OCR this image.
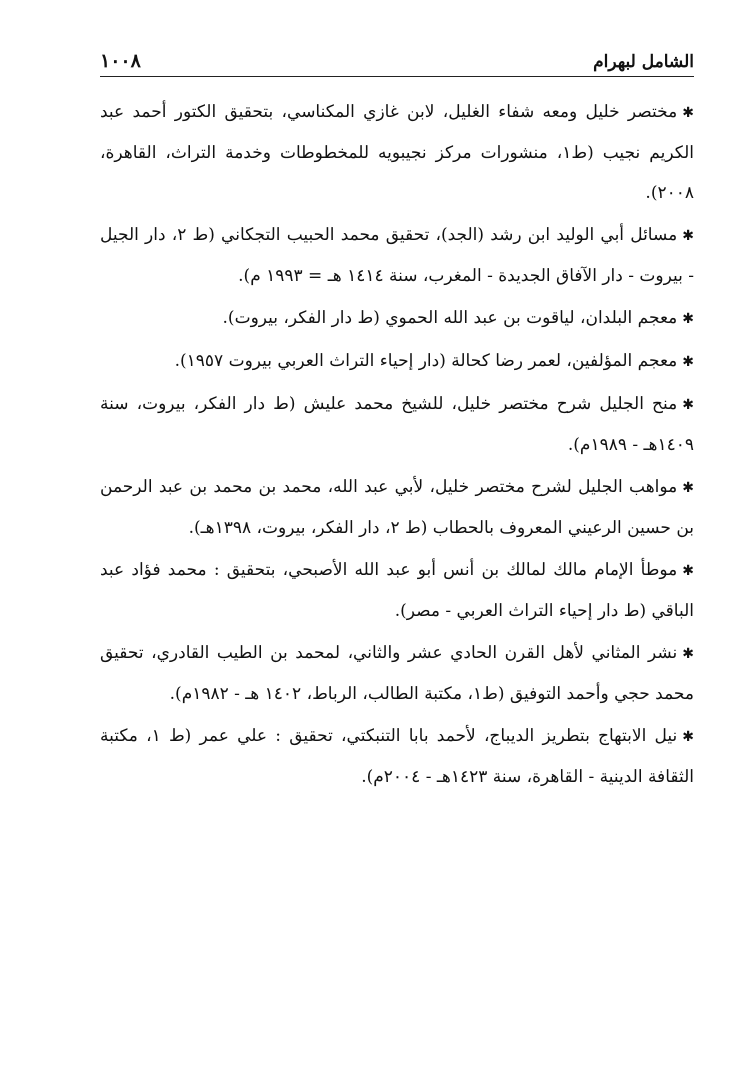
الشامل لبهرام
١٠٠٨
✱مختصر خليل ومعه شفاء الغليل، لابن غازي المكناسي، بتحقيق الكتور أحمد عبد الكريم نجيب (ط١، منشورات مركز نجيبويه للمخطوطات وخدمة التراث، القاهرة، ٢٠٠٨).
✱مسائل أبي الوليد ابن رشد (الجد)، تحقيق محمد الحبيب التجكاني (ط ٢، دار الجيل - بيروت - دار الآفاق الجديدة - المغرب، سنة ١٤١٤ هـ = ١٩٩٣ م).
✱معجم البلدان، لياقوت بن عبد الله الحموي (ط دار الفكر، بيروت).
✱معجم المؤلفين، لعمر رضا كحالة (دار إحياء التراث العربي بيروت ١٩٥٧).
✱منح الجليل شرح مختصر خليل، للشيخ محمد عليش (ط دار الفكر، بيروت، سنة ١٤٠٩هـ - ١٩٨٩م).
✱مواهب الجليل لشرح مختصر خليل، لأبي عبد الله، محمد بن محمد بن عبد الرحمن بن حسين الرعيني المعروف بالحطاب (ط ٢، دار الفكر، بيروت، ١٣٩٨هـ).
✱موطأ الإمام مالك لمالك بن أنس أبو عبد الله الأصبحي، بتحقيق : محمد فؤاد عبد الباقي (ط دار إحياء التراث العربي - مصر).
✱نشر المثاني لأهل القرن الحادي عشر والثاني، لمحمد بن الطيب القادري، تحقيق محمد حجي وأحمد التوفيق (ط١، مكتبة الطالب، الرباط، ١٤٠٢ هـ - ١٩٨٢م).
✱نيل الابتهاج بتطريز الديباج، لأحمد بابا التنبكتي، تحقيق : علي عمر (ط ١، مكتبة الثقافة الدينية - القاهرة، سنة ١٤٢٣هـ - ٢٠٠٤م).
